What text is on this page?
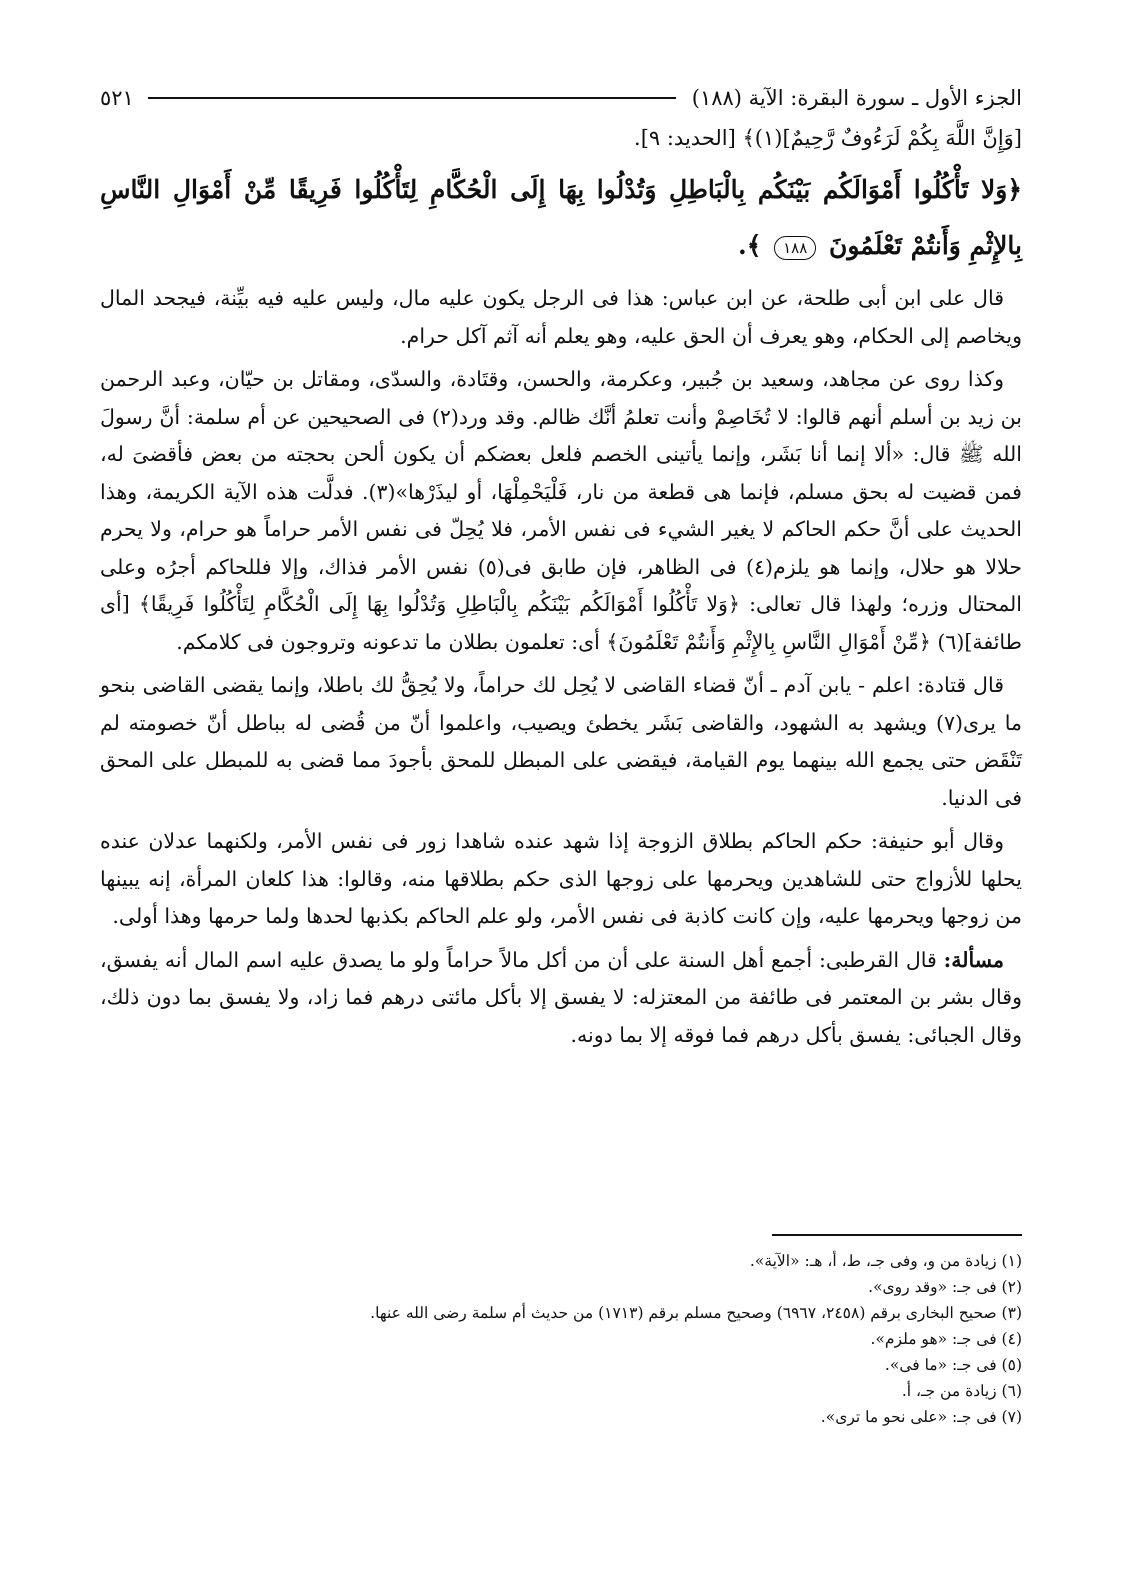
الجزء الأول ـ سورة البقرة: الآية (١٨٨)
٥٢١
[وَإِنَّ اللَّهَ بِكُمْ لَرَءُوفٌ رَّحِيمٌ](١)﴾ [الحديد: ٩].
﴿وَلا تَأْكُلُوا أَمْوَالَكُم بَيْنَكُم بِالْبَاطِلِ وَتُدْلُوا بِهَا إِلَى الْحُكَّامِ لِتَأْكُلُوا فَرِيقًا مِّنْ أَمْوَالِ النَّاسِ بِالإِثْمِ وَأَنتُمْ تَعْلَمُونَ ١٨٨ ﴾.

قال على ابن أبى طلحة، عن ابن عباس: هذا فى الرجل يكون عليه مال، وليس عليه فيه بيِّنة، فيجحد المال ويخاصم إلى الحكام، وهو يعرف أن الحق عليه، وهو يعلم أنه آثم آكل حرام.

وكذا روى عن مجاهد، وسعيد بن جُبير، وعكرمة، والحسن، وقتَادة، والسدّى، ومقاتل بن حيّان، وعبد الرحمن بن زيد بن أسلم أنهم قالوا: لا تُخَاصِمْ وأنت تعلمُ أنَّك ظالم. وقد ورد(٢) فى الصحيحين عن أم سلمة: أنَّ رسولَ الله ﷺ قال: «ألا إنما أنا بَشَر، وإنما يأتينى الخصم فلعل بعضكم أن يكون ألحن بحجته من بعض فأقضىَ له، فمن قضيت له بحق مسلم، فإنما هى قطعة من نار، فَلْيَحْمِلْهَا، أو ليذَرْها»(٣). فدلَّت هذه الآية الكريمة، وهذا الحديث على أنَّ حكم الحاكم لا يغير الشيء فى نفس الأمر، فلا يُحِلّ فى نفس الأمر حراماً هو حرام، ولا يحرم حلالا هو حلال، وإنما هو يلزم(٤) فى الظاهر، فإن طابق فى(٥) نفس الأمر فذاك، وإلا فللحاكم أجرُه وعلى المحتال وزره؛ ولهذا قال تعالى: ﴿وَلا تَأْكُلُوا أَمْوَالَكُم بَيْنَكُم بِالْبَاطِلِ وَتُدْلُوا بِهَا إِلَى الْحُكَّامِ لِتَأْكُلُوا فَرِيقًا﴾ [أى طائفة](٦) ﴿مِّنْ أَمْوَالِ النَّاسِ بِالإِثْمِ وَأَنتُمْ تَعْلَمُونَ﴾ أى: تعلمون بطلان ما تدعونه وتروجون فى كلامكم.

قال قتادة: اعلم - يابن آدم ـ أنّ قضاء القاضى لا يُحِل لك حراماً، ولا يُحِقُّ لك باطلا، وإنما يقضى القاضى بنحو ما يرى(٧) ويشهد به الشهود، والقاضى بَشَر يخطئ ويصيب، واعلموا أنّ من قُضى له بباطل أنّ خصومته لم تَنْقَض حتى يجمع الله بينهما يوم القيامة، فيقضى على المبطل للمحق بأجودَ مما قضى به للمبطل على المحق فى الدنيا.

وقال أبو حنيفة: حكم الحاكم بطلاق الزوجة إذا شهد عنده شاهدا زور فى نفس الأمر، ولكنهما عدلان عنده يحلها للأزواج حتى للشاهدين ويحرمها على زوجها الذى حكم بطلاقها منه، وقالوا: هذا كلعان المرأة، إنه يبينها من زوجها ويحرمها عليه، وإن كانت كاذبة فى نفس الأمر، ولو علم الحاكم بكذبها لحدها ولما حرمها وهذا أولى.

مسألة: قال القرطبى: أجمع أهل السنة على أن من أكل مالاً حراماً ولو ما يصدق عليه اسم المال أنه يفسق، وقال بشر بن المعتمر فى طائفة من المعتزله: لا يفسق إلا بأكل مائتى درهم فما زاد، ولا يفسق بما دون ذلك، وقال الجبائى: يفسق بأكل درهم فما فوقه إلا بما دونه.

(١) زيادة من و، وفى جـ، ط، أ، هـ: «الآية».
(٢) فى جـ: «وقد روى».
(٣) صحيح البخارى برقم (٢٤٥٨، ٦٩٦٧) وصحيح مسلم برقم (١٧١٣) من حديث أم سلمة رضى الله عنها.
(٤) فى جـ: «هو ملزم».
(٥) فى جـ: «ما فى».
(٦) زيادة من جـ، أ.
(٧) فى جـ: «على نحو ما ترى».
